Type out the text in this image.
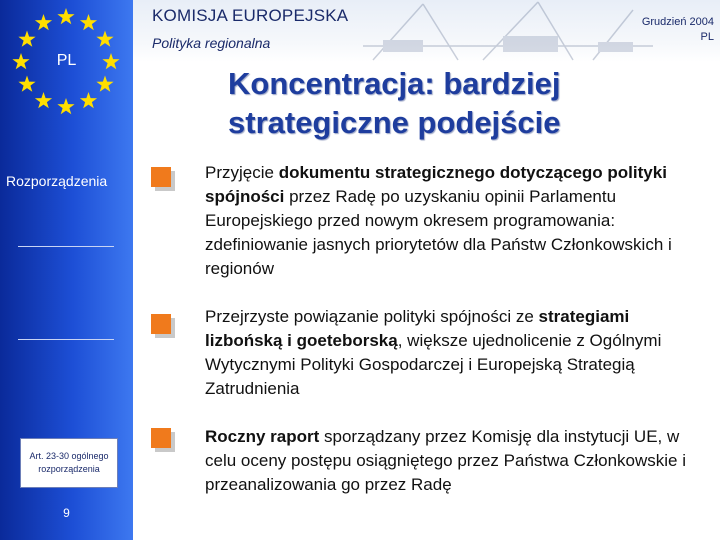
PL
KOMISJA EUROPEJSKA
Polityka regionalna
Grudzień 2004
PL
Koncentracja: bardziej
strategiczne podejście
Rozporządzenia
Art. 23-30 ogólnego rozporządzenia
9
Przyjęcie dokumentu strategicznego dotyczącego polityki spójności przez Radę po uzyskaniu opinii Parlamentu Europejskiego przed nowym okresem programowania: zdefiniowanie jasnych priorytetów dla Państw Członkowskich i regionów
Przejrzyste powiązanie polityki spójności ze strategiami lizbońską i goeteborską, większe ujednolicenie z Ogólnymi Wytycznymi Polityki Gospodarczej i Europejską Strategią Zatrudnienia
Roczny raport sporządzany przez Komisję dla instytucji UE, w celu oceny postępu osiągniętego przez Państwa Członkowskie i przeanalizowania go przez Radę
